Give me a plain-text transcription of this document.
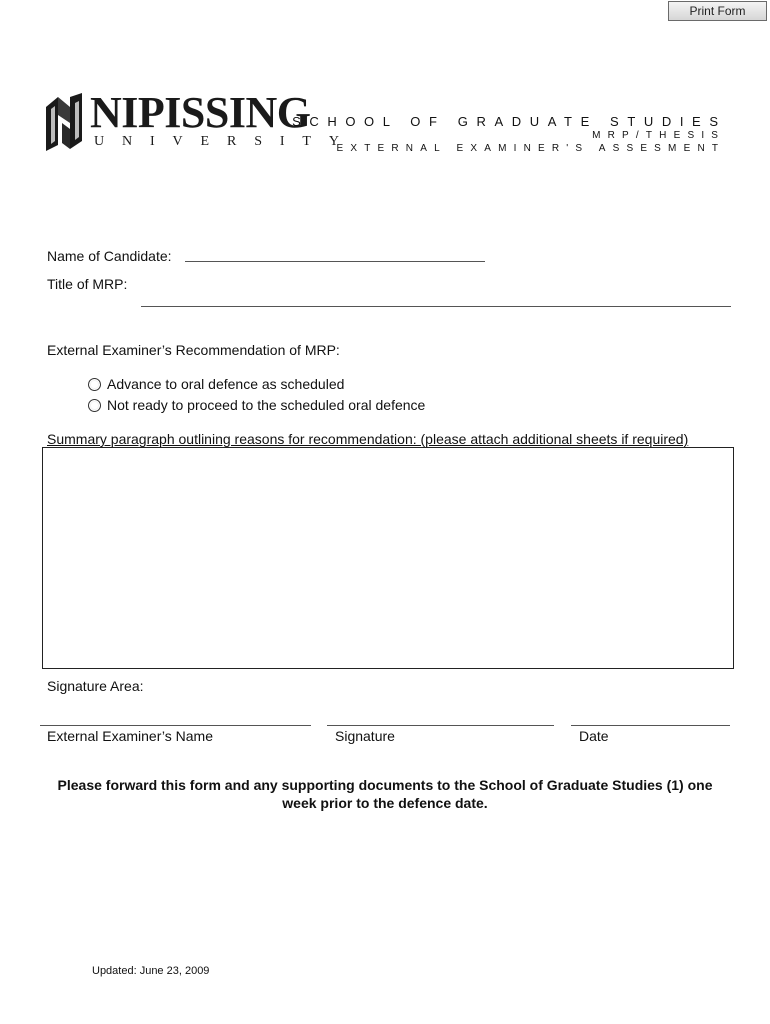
Print Form
NIPISSING
U N I V E R S I T Y
SCHOOL OF GRADUATE STUDIES
MRP/THESIS
EXTERNAL EXAMINER'S ASSESMENT
Name of Candidate:
Title of MRP:
External Examiner’s Recommendation of MRP:
Advance to oral defence as scheduled
Not ready to proceed to the scheduled oral defence
Summary paragraph outlining reasons for recommendation: (please attach additional sheets if required)
Signature Area:
External Examiner’s Name	Signature	Date
Please forward this form and any supporting documents to the School of Graduate Studies (1) one
week prior to the defence date.
Updated: June 23, 2009
